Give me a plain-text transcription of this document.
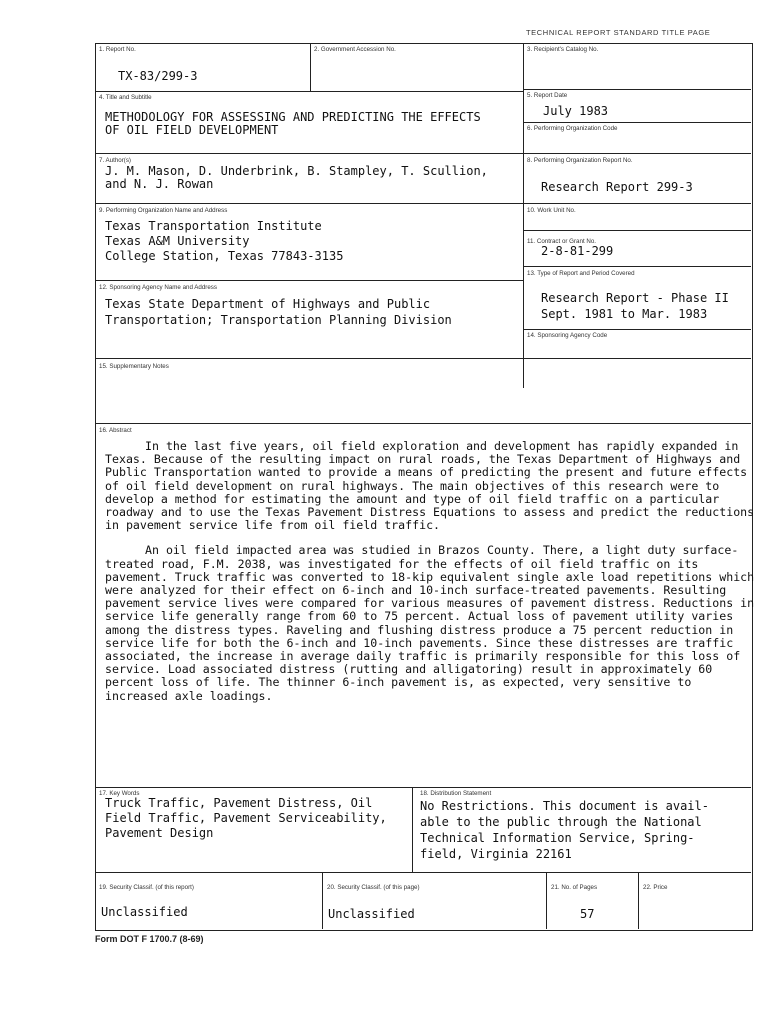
TECHNICAL REPORT STANDARD TITLE PAGE
1. Report No.
TX-83/299-3
2. Government Accession No.	3. Recipient's Catalog No.
4. Title and Subtitle
METHODOLOGY FOR ASSESSING AND PREDICTING THE EFFECTS
OF OIL FIELD DEVELOPMENT
5. Report Date
July 1983
6. Performing Organization Code
7. Author(s)
J. M. Mason, D. Underbrink, B. Stampley, T. Scullion,
and N. J. Rowan
8. Performing Organization Report No.
Research Report 299-3
9. Performing Organization Name and Address
Texas Transportation Institute
Texas A&M University
College Station, Texas 77843-3135
10. Work Unit No.
11. Contract or Grant No.
2-8-81-299
13. Type of Report and Period Covered
Research Report - Phase II
Sept. 1981 to Mar. 1983
12. Sponsoring Agency Name and Address
Texas State Department of Highways and Public
Transportation; Transportation Planning Division
14. Sponsoring Agency Code
15. Supplementary Notes
16. Abstract

In the last five years, oil field exploration and development has rapidly expanded in Texas. Because of the resulting impact on rural roads, the Texas Department of Highways and Public Transportation wanted to provide a means of predicting the present and future effects of oil field development on rural highways. The main objectives of this research were to develop a method for estimating the amount and type of oil field traffic on a particular roadway and to use the Texas Pavement Distress Equations to assess and predict the reductions in pavement service life from oil field traffic.

An oil field impacted area was studied in Brazos County. There, a light duty surface-treated road, F.M. 2038, was investigated for the effects of oil field traffic on its pavement. Truck traffic was converted to 18-kip equivalent single axle load repetitions which were analyzed for their effect on 6-inch and 10-inch surface-treated pavements. Resulting pavement service lives were compared for various measures of pavement distress. Reductions in service life generally range from 60 to 75 percent. Actual loss of pavement utility varies among the distress types. Raveling and flushing distress produce a 75 percent reduction in service life for both the 6-inch and 10-inch pavements. Since these distresses are traffic associated, the increase in average daily traffic is primarily responsible for this loss of service. Load associated distress (rutting and alligatoring) result in approximately 60 percent loss of life. The thinner 6-inch pavement is, as expected, very sensitive to increased axle loadings.

17. Key Words
Truck Traffic, Pavement Distress, Oil
Field Traffic, Pavement Serviceability,
Pavement Design
18. Distribution Statement
No Restrictions. This document is avail-
able to the public through the National
Technical Information Service, Spring-
field, Virginia 22161
19. Security Classif. (of this report)
Unclassified
20. Security Classif. (of this page)
Unclassified
21. No. of Pages
57
22. Price
Form DOT F 1700.7 (8-69)
